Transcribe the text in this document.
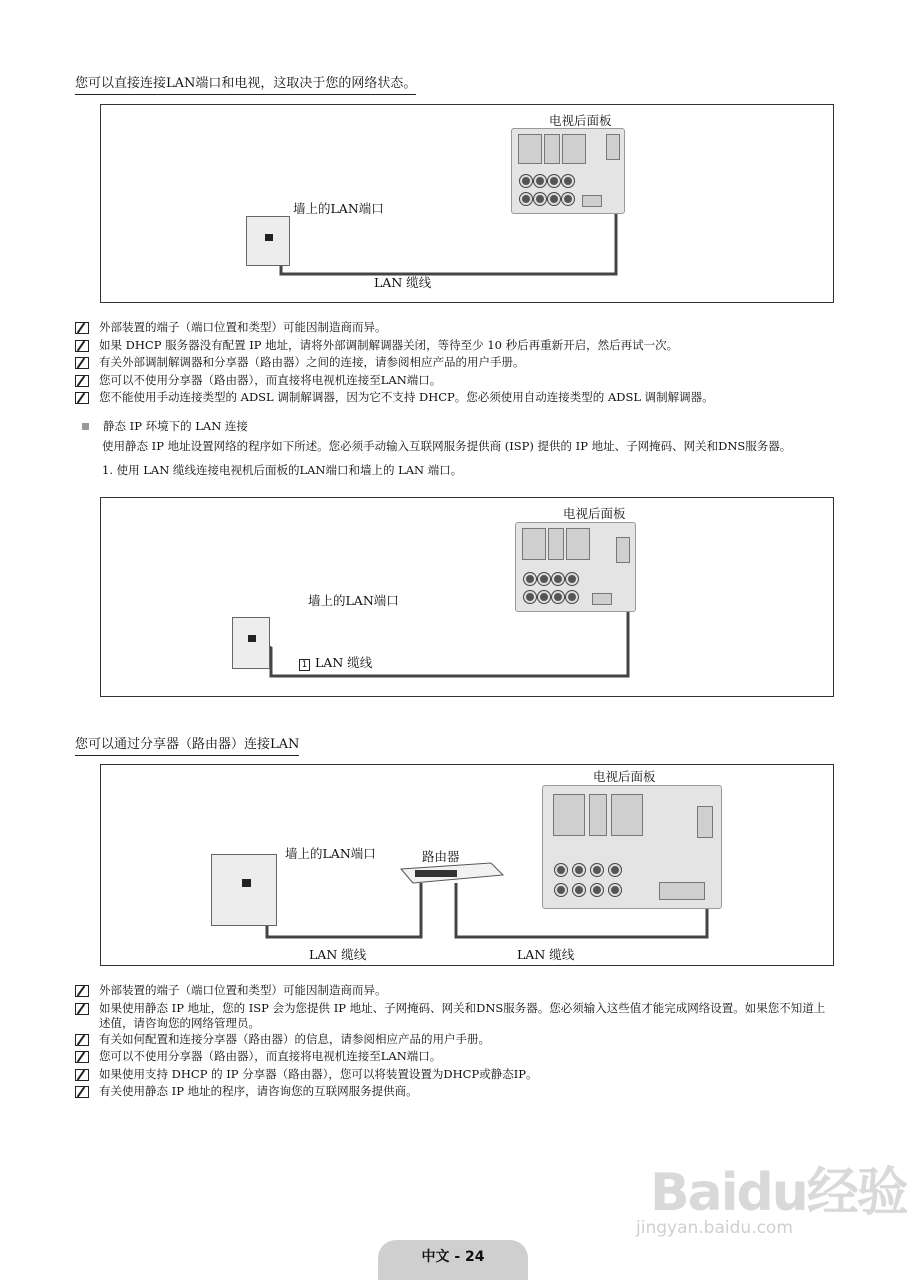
您可以直接连接LAN端口和电视，这取决于您的网络状态。
电视后面板
墙上的LAN端口
LAN 缆线
外部装置的端子（端口位置和类型）可能因制造商而异。
如果 DHCP 服务器没有配置 IP 地址，请将外部调制解调器关闭，等待至少 10 秒后再重新开启，然后再试一次。
有关外部调制解调器和分享器（路由器）之间的连接，请参阅相应产品的用户手册。
您可以不使用分享器（路由器），而直接将电视机连接至LAN端口。
您不能使用手动连接类型的 ADSL 调制解调器，因为它不支持 DHCP。您必须使用自动连接类型的 ADSL 调制解调器。
静态 IP 环境下的 LAN 连接
使用静态 IP 地址设置网络的程序如下所述。您必须手动输入互联网服务提供商 (ISP) 提供的 IP 地址、子网掩码、网关和DNS服务器。
1. 使用 LAN 缆线连接电视机后面板的LAN端口和墙上的 LAN 端口。
电视后面板
墙上的LAN端口
1 LAN 缆线
您可以通过分享器（路由器）连接LAN
电视后面板
墙上的LAN端口	路由器
LAN 缆线	LAN 缆线
外部装置的端子（端口位置和类型）可能因制造商而异。
如果使用静态 IP 地址，您的 ISP 会为您提供 IP 地址、子网掩码、网关和DNS服务器。您必须输入这些值才能完成网络设置。如果您不知道上述值，请咨询您的网络管理员。
有关如何配置和连接分享器（路由器）的信息，请参阅相应产品的用户手册。
您可以不使用分享器（路由器），而直接将电视机连接至LAN端口。
如果使用支持 DHCP 的 IP 分享器（路由器），您可以将装置设置为DHCP或静态IP。
有关使用静态 IP 地址的程序，请咨询您的互联网服务提供商。
Baidu经验
jingyan.baidu.com
中文 - 24
